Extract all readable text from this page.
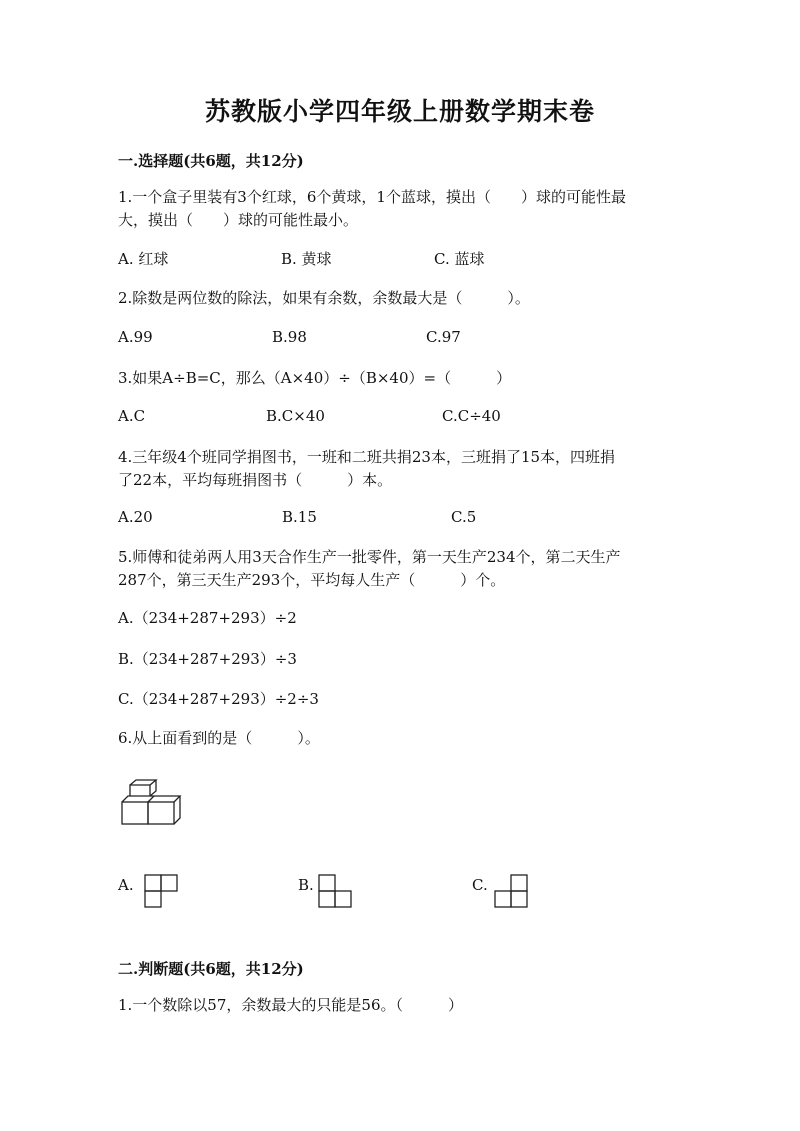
苏教版小学四年级上册数学期末卷
一.选择题(共6题，共12分)
1.一个盒子里装有3个红球，6个黄球，1个蓝球，摸出（　　）球的可能性最
大，摸出（　　）球的可能性最小。
A. 红球	B. 黄球	C. 蓝球
2.除数是两位数的除法，如果有余数，余数最大是（　　　）。
A.99	B.98	C.97
3.如果A÷B=C，那么（A×40）÷（B×40）=（　　　）
A.C	B.C×40	C.C÷40
4.三年级4个班同学捐图书，一班和二班共捐23本，三班捐了15本，四班捐
了22本，平均每班捐图书（　　　）本。
A.20	B.15	C.5
5.师傅和徒弟两人用3天合作生产一批零件，第一天生产234个，第二天生产
287个，第三天生产293个，平均每人生产（　　　）个。
A.（234+287+293）÷2
B.（234+287+293）÷3
C.（234+287+293）÷2÷3
6.从上面看到的是（　　　）。
A.	B.	C.
二.判断题(共6题，共12分)
1.一个数除以57，余数最大的只能是56。（　　　）
